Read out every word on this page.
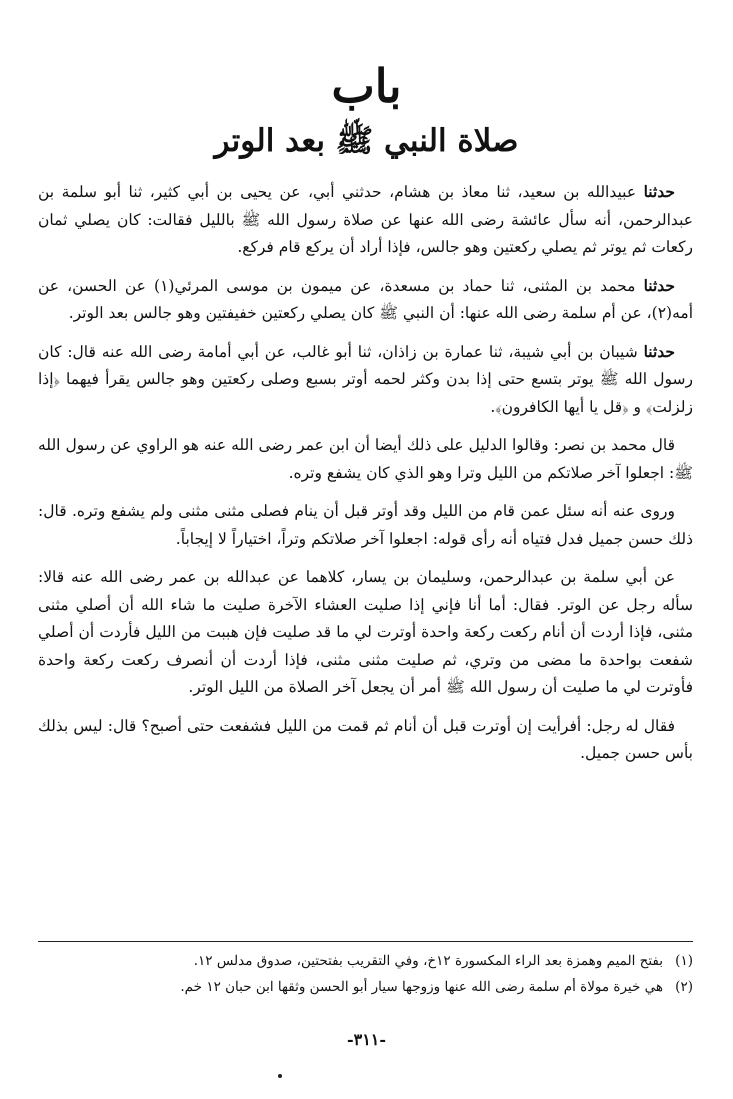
باب
صلاة النبي ﷺ بعد الوتر

حدثنا عبيدالله بن سعيد، ثنا معاذ بن هشام، حدثني أبي، عن يحيى بن أبي كثير، ثنا أبو سلمة بن عبدالرحمن، أنه سأل عائشة رضى الله عنها عن صلاة رسول الله ﷺ بالليل فقالت: كان يصلي ثمان ركعات ثم يوتر ثم يصلي ركعتين وهو جالس، فإذا أراد أن يركع قام فركع.

حدثنا محمد بن المثنى، ثنا حماد بن مسعدة، عن ميمون بن موسى المرئي(١) عن الحسن، عن أمه(٢)، عن أم سلمة رضى الله عنها: أن النبي ﷺ كان يصلي ركعتين خفيفتين وهو جالس بعد الوتر.

حدثنا شيبان بن أبي شيبة، ثنا عمارة بن زاذان، ثنا أبو غالب، عن أبي أمامة رضى الله عنه قال: كان رسول الله ﷺ يوتر بتسع حتى إذا بدن وكثر لحمه أوتر بسبع وصلى ركعتين وهو جالس يقرأ فيهما ﴿إذا زلزلت﴾ و ﴿قل يا أيها الكافرون﴾.

قال محمد بن نصر: وقالوا الدليل على ذلك أيضا أن ابن عمر رضى الله عنه هو الراوي عن رسول الله ﷺ: اجعلوا آخر صلاتكم من الليل وترا وهو الذي كان يشفع وتره.

وروى عنه أنه سئل عمن قام من الليل وقد أوتر قبل أن ينام فصلى مثنى مثنى ولم يشفع وتره. قال: ذلك حسن جميل فدل فتياه أنه رأى قوله: اجعلوا آخر صلاتكم وتراً، اختياراً لا إيجاباً.

عن أبي سلمة بن عبدالرحمن، وسليمان بن يسار، كلاهما عن عبدالله بن عمر رضى الله عنه قالا: سأله رجل عن الوتر. فقال: أما أنا فإني إذا صليت العشاء الآخرة صليت ما شاء الله أن أصلي مثنى مثنى، فإذا أردت أن أنام ركعت ركعة واحدة أوترت لي ما قد صليت فإن هببت من الليل فأردت أن أصلي شفعت بواحدة ما مضى من وتري، ثم صليت مثنى مثنى، فإذا أردت أن أنصرف ركعت ركعة واحدة فأوترت لي ما صليت أن رسول الله ﷺ أمر أن يجعل آخر الصلاة من الليل الوتر.

فقال له رجل: أفرأيت إن أوترت قبل أن أنام ثم قمت من الليل فشفعت حتى أصبح؟ قال: ليس بذلك بأس حسن جميل.

(١)بفتح الميم وهمزة بعد الراء المكسورة ١٢خ، وفي التقريب بفتحتين، صدوق مدلس ١٢.

(٢)هي خيرة مولاة أم سلمة رضى الله عنها وزوجها سيار أبو الحسن وثقها ابن حبان ١٢ خم.

-٣١١-
